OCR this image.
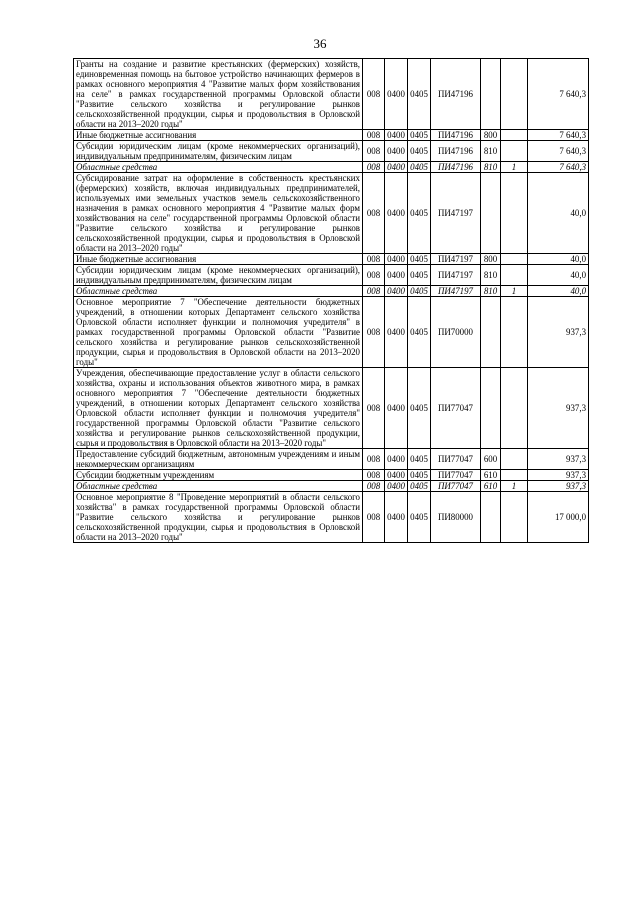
36
Гранты на создание и развитие крестьянских (фермерских) хозяйств, единовременная помощь на бытовое устройство начинающих фермеров в рамках основного мероприятия 4 "Развитие малых форм хозяйствования на селе" в рамках государственной программы Орловской области "Развитие сельского хозяйства и регулирование рынков сельскохозяйственной продукции, сырья и продовольствия в Орловской области на 2013–2020 годы"	008	0400	0405	ПИ47196			7 640,3
Иные бюджетные ассигнования	008	0400	0405	ПИ47196	800		7 640,3
Субсидии юридическим лицам (кроме некоммерческих организаций), индивидуальным предпринимателям, физическим лицам	008	0400	0405	ПИ47196	810		7 640,3
Областные средства	008	0400	0405	ПИ47196	810	1	7 640,3
Субсидирование затрат на оформление в собственность крестьянских (фермерских) хозяйств, включая индивидуальных предпринимателей, используемых ими земельных участков земель сельскохозяйственного назначения в рамках основного мероприятия 4 "Развитие малых форм хозяйствования на селе" государственной программы Орловской области "Развитие сельского хозяйства и регулирование рынков сельскохозяйственной продукции, сырья и продовольствия в Орловской области на 2013–2020 годы"	008	0400	0405	ПИ47197			40,0
Иные бюджетные ассигнования	008	0400	0405	ПИ47197	800		40,0
Субсидии юридическим лицам (кроме некоммерческих организаций), индивидуальным предпринимателям, физическим лицам	008	0400	0405	ПИ47197	810		40,0
Областные средства	008	0400	0405	ПИ47197	810	1	40,0
Основное мероприятие 7 "Обеспечение деятельности бюджетных учреждений, в отношении которых Департамент сельского хозяйства Орловской области исполняет функции и полномочия учредителя" в рамках государственной программы Орловской области "Развитие сельского хозяйства и регулирование рынков сельскохозяйственной продукции, сырья и продовольствия в Орловской области на 2013–2020 годы"	008	0400	0405	ПИ70000			937,3
Учреждения, обеспечивающие предоставление услуг в области сельского хозяйства, охраны и использования объектов животного мира, в рамках основного мероприятия 7 "Обеспечение деятельности бюджетных учреждений, в отношении которых Департамент сельского хозяйства Орловской области исполняет функции и полномочия учредителя" государственной программы Орловской области "Развитие сельского хозяйства и регулирование рынков сельскохозяйственной продукции, сырья и продовольствия в Орловской области на 2013–2020 годы"	008	0400	0405	ПИ77047			937,3
Предоставление субсидий бюджетным, автономным учреждениям и иным некоммерческим организациям	008	0400	0405	ПИ77047	600		937,3
Субсидии бюджетным учреждениям	008	0400	0405	ПИ77047	610		937,3
Областные средства	008	0400	0405	ПИ77047	610	1	937,3
Основное мероприятие 8 "Проведение мероприятий в области сельского хозяйства" в рамках государственной программы Орловской области "Развитие сельского хозяйства и регулирование рынков сельскохозяйственной продукции, сырья и продовольствия в Орловской области на 2013–2020 годы"	008	0400	0405	ПИ80000			17 000,0
